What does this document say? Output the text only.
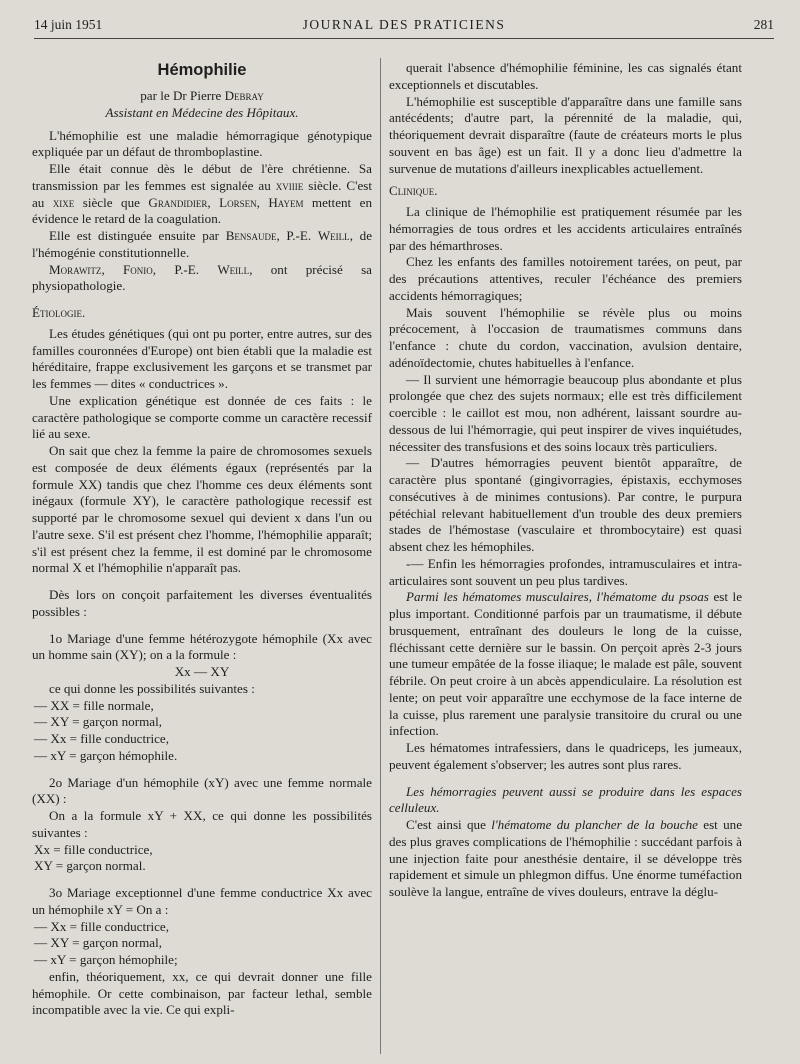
14 juin 1951	JOURNAL DES PRATICIENS	281

Hémophilie

par le Dr Pierre Debray

Assistant en Médecine des Hôpitaux.

L'hémophilie est une maladie hémorragique génotypique expliquée par un défaut de thromboplastine.

Elle était connue dès le début de l'ère chrétienne. Sa transmission par les femmes est signalée au xviiie siècle. C'est au xixe siècle que Grandidier, Lorsen, Hayem mettent en évidence le retard de la coagulation.

Elle est distinguée ensuite par Bensaude, P.-E. Weill, de l'hémogénie constitutionnelle.

Morawitz, Fonio, P.-E. Weill, ont précisé sa physiopathologie.

Étiologie.

Les études génétiques (qui ont pu porter, entre autres, sur des familles couronnées d'Europe) ont bien établi que la maladie est héréditaire, frappe exclusivement les garçons et se transmet par les femmes — dites « conductrices ».

Une explication génétique est donnée de ces faits : le caractère pathologique se comporte comme un caractère recessif lié au sexe.

On sait que chez la femme la paire de chromosomes sexuels est composée de deux éléments égaux (représentés par la formule XX) tandis que chez l'homme ces deux éléments sont inégaux (formule XY), le caractère pathologique recessif est supporté par le chromosome sexuel qui devient x dans l'un ou l'autre sexe. S'il est présent chez l'homme, l'hémophilie apparaît; s'il est présent chez la femme, il est dominé par le chromosome normal X et l'hémophilie n'apparaît pas.

Dès lors on conçoit parfaitement les diverses éventualités possibles :

1o Mariage d'une femme hétérozygote hémophile (Xx avec un homme sain (XY); on a la formule :

Xx — XY

ce qui donne les possibilités suivantes :

— XX = fille normale,

— XY = garçon normal,

— Xx = fille conductrice,

— xY = garçon hémophile.

2o Mariage d'un hémophile (xY) avec une femme normale (XX) :

On a la formule xY + XX, ce qui donne les possibilités suivantes :

Xx = fille conductrice,

XY = garçon normal.

3o Mariage exceptionnel d'une femme conductrice Xx avec un hémophile xY = On a :

— Xx = fille conductrice,

— XY = garçon normal,

— xY = garçon hémophile;

enfin, théoriquement, xx, ce qui devrait donner une fille hémophile. Or cette combinaison, par facteur lethal, semble incompatible avec la vie. Ce qui expli-

querait l'absence d'hémophilie féminine, les cas signalés étant exceptionnels et discutables.

L'hémophilie est susceptible d'apparaître dans une famille sans antécédents; d'autre part, la pérennité de la maladie, qui, théoriquement devrait disparaître (faute de créateurs morts le plus souvent en bas âge) est un fait. Il y a donc lieu d'admettre la survenue de mutations d'ailleurs inexplicables actuellement.

Clinique.

La clinique de l'hémophilie est pratiquement résumée par les hémorragies de tous ordres et les accidents articulaires entraînés par des hémarthroses.

Chez les enfants des familles notoirement tarées, on peut, par des précautions attentives, reculer l'échéance des premiers accidents hémorragiques;

Mais souvent l'hémophilie se révèle plus ou moins précocement, à l'occasion de traumatismes communs dans l'enfance : chute du cordon, vaccination, avulsion dentaire, adénoïdectomie, chutes habituelles à l'enfance.

— Il survient une hémorragie beaucoup plus abondante et plus prolongée que chez des sujets normaux; elle est très difficilement coercible : le caillot est mou, non adhérent, laissant sourdre au-dessous de lui l'hémorragie, qui peut inspirer de vives inquiétudes, nécessiter des transfusions et des soins locaux très particuliers.

— D'autres hémorragies peuvent bientôt apparaître, de caractère plus spontané (gingivorragies, épistaxis, ecchymoses consécutives à de minimes contusions). Par contre, le purpura pétéchial relevant habituellement d'un trouble des deux premiers stades de l'hémostase (vasculaire et thrombocytaire) est quasi absent chez les hémophiles.

-— Enfin les hémorragies profondes, intramusculaires et intra-articulaires sont souvent un peu plus tardives.

Parmi les hématomes musculaires, l'hématome du psoas est le plus important. Conditionné parfois par un traumatisme, il débute brusquement, entraînant des douleurs le long de la cuisse, fléchissant cette dernière sur le bassin. On perçoit après 2-3 jours une tumeur empâtée de la fosse iliaque; le malade est pâle, souvent fébrile. On peut croire à un abcès appendiculaire. La résolution est lente; on peut voir apparaître une ecchymose de la face interne de la cuisse, plus rarement une paralysie transitoire du crural ou une infection.

Les hématomes intrafessiers, dans le quadriceps, les jumeaux, peuvent également s'observer; les autres sont plus rares.

Les hémorragies peuvent aussi se produire dans les espaces celluleux.

C'est ainsi que l'hématome du plancher de la bouche est une des plus graves complications de l'hémophilie : succédant parfois à une injection faite pour anesthésie dentaire, il se développe très rapidement et simule un phlegmon diffus. Une énorme tuméfaction soulève la langue, entraîne de vives douleurs, entrave la déglu-
